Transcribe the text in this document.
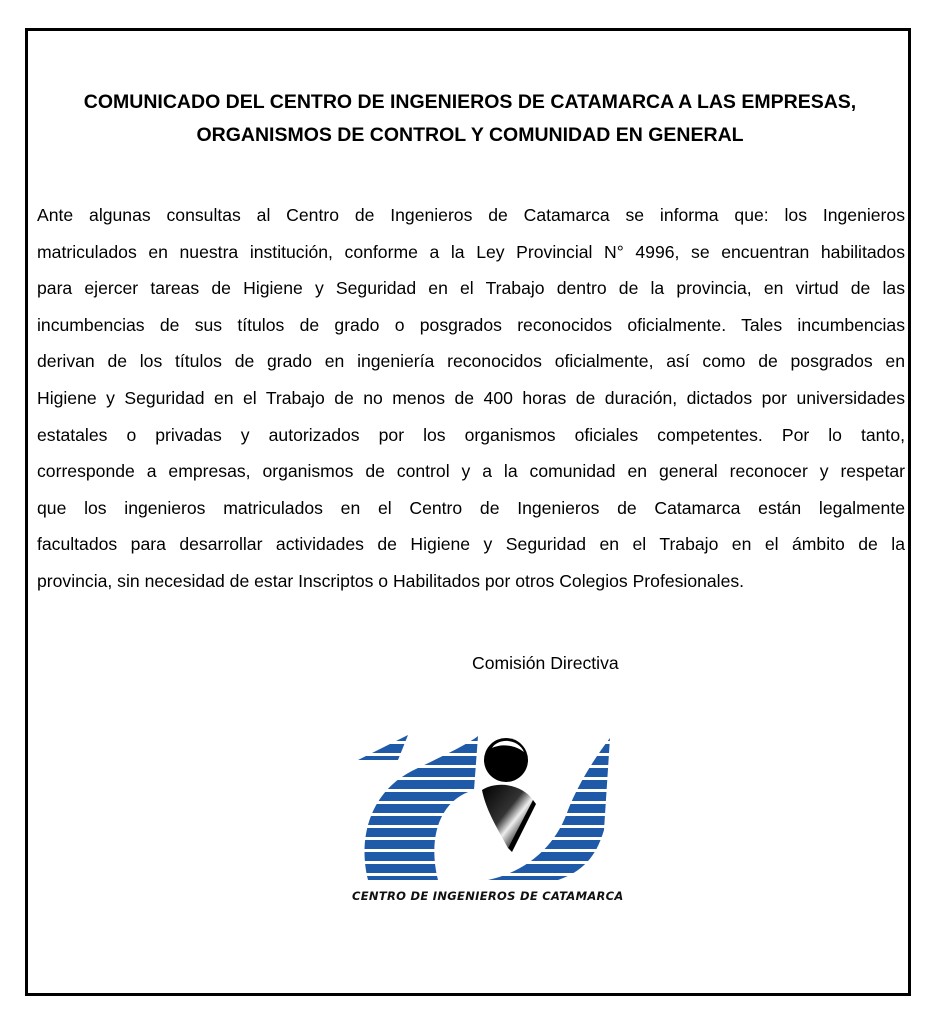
COMUNICADO DEL CENTRO DE INGENIEROS DE CATAMARCA A LAS EMPRESAS,
ORGANISMOS DE CONTROL Y COMUNIDAD EN GENERAL

Ante algunas consultas al Centro de Ingenieros de Catamarca se informa que: los Ingenieros
matriculados en nuestra institución, conforme a la Ley Provincial N° 4996, se encuentran habilitados
para ejercer tareas de Higiene y Seguridad en el Trabajo dentro de la provincia, en virtud de las
incumbencias de sus títulos de grado o posgrados reconocidos oficialmente. Tales incumbencias
derivan de los títulos de grado en ingeniería reconocidos oficialmente, así como de posgrados en
Higiene y Seguridad en el Trabajo de no menos de 400 horas de duración, dictados por universidades
estatales o privadas y autorizados por los organismos oficiales competentes. Por lo tanto,
corresponde a empresas, organismos de control y a la comunidad en general reconocer y respetar
que los ingenieros matriculados en el Centro de Ingenieros de Catamarca están legalmente
facultados para desarrollar actividades de Higiene y Seguridad en el Trabajo en el ámbito de la
provincia, sin necesidad de estar Inscriptos o Habilitados por otros Colegios Profesionales.

Comisión Directiva
CENTRO DE INGENIEROS DE CATAMARCA
